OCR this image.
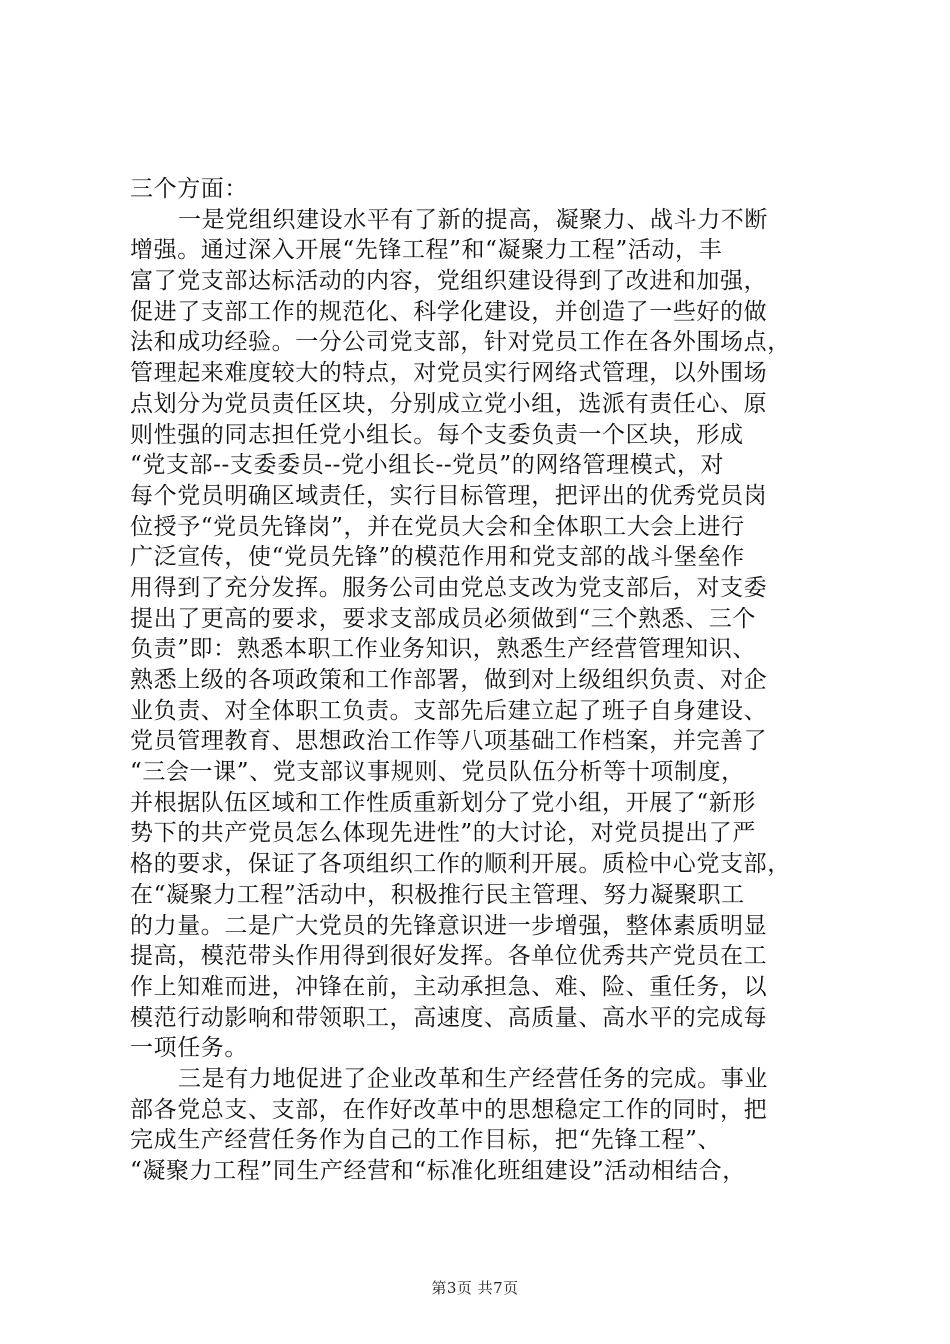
三个方面：
一是党组织建设水平有了新的提高，凝聚力、战斗力不断
增强。通过深入开展“先锋工程”和“凝聚力工程”活动，丰
富了党支部达标活动的内容，党组织建设得到了改进和加强，
促进了支部工作的规范化、科学化建设，并创造了一些好的做
法和成功经验。一分公司党支部，针对党员工作在各外围场点，
管理起来难度较大的特点，对党员实行网络式管理，以外围场
点划分为党员责任区块，分别成立党小组，选派有责任心、原
则性强的同志担任党小组长。每个支委负责一个区块，形成
“党支部--支委委员--党小组长--党员”的网络管理模式，对
每个党员明确区域责任，实行目标管理，把评出的优秀党员岗
位授予“党员先锋岗”，并在党员大会和全体职工大会上进行
广泛宣传，使“党员先锋”的模范作用和党支部的战斗堡垒作
用得到了充分发挥。服务公司由党总支改为党支部后，对支委
提出了更高的要求，要求支部成员必须做到“三个熟悉、三个
负责”即：熟悉本职工作业务知识，熟悉生产经营管理知识、
熟悉上级的各项政策和工作部署，做到对上级组织负责、对企
业负责、对全体职工负责。支部先后建立起了班子自身建设、
党员管理教育、思想政治工作等八项基础工作档案，并完善了
“三会一课”、党支部议事规则、党员队伍分析等十项制度，
并根据队伍区域和工作性质重新划分了党小组，开展了“新形
势下的共产党员怎么体现先进性”的大讨论，对党员提出了严
格的要求，保证了各项组织工作的顺利开展。质检中心党支部，
在“凝聚力工程”活动中，积极推行民主管理、努力凝聚职工
的力量。二是广大党员的先锋意识进一步增强，整体素质明显
提高，模范带头作用得到很好发挥。各单位优秀共产党员在工
作上知难而进，冲锋在前，主动承担急、难、险、重任务，以
模范行动影响和带领职工，高速度、高质量、高水平的完成每
一项任务。
三是有力地促进了企业改革和生产经营任务的完成。事业
部各党总支、支部，在作好改革中的思想稳定工作的同时，把
完成生产经营任务作为自己的工作目标，把“先锋工程”、
“凝聚力工程”同生产经营和“标准化班组建设”活动相结合，
第3页 共7页
